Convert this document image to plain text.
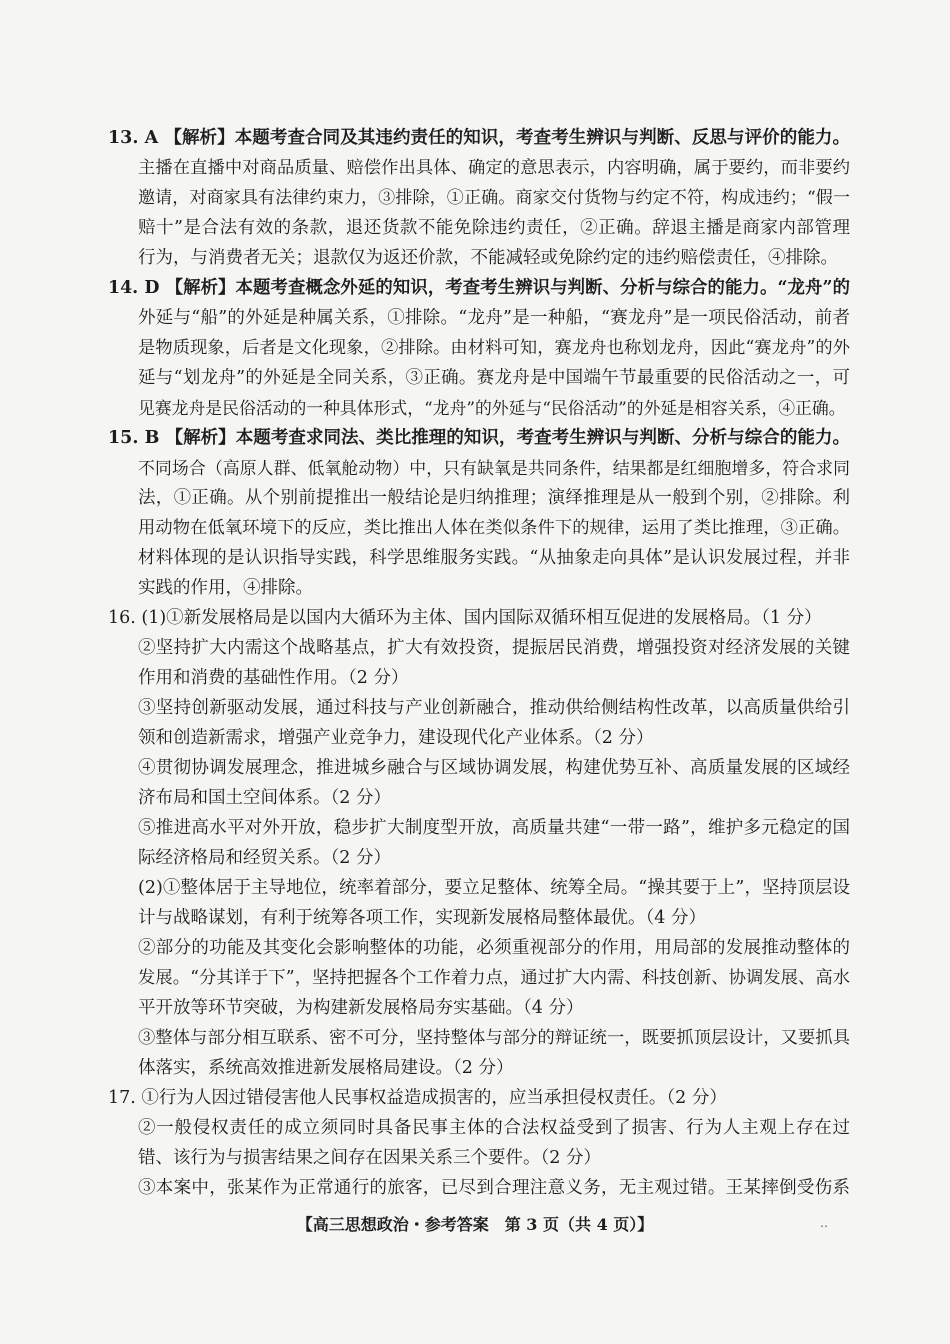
13. A 【解析】本题考查合同及其违约责任的知识，考查考生辨识与判断、反思与评价的能力。
主播在直播中对商品质量、赔偿作出具体、确定的意思表示，内容明确，属于要约，而非要约
邀请，对商家具有法律约束力，③排除，①正确。商家交付货物与约定不符，构成违约；“假一
赔十”是合法有效的条款，退还货款不能免除违约责任，②正确。辞退主播是商家内部管理
行为，与消费者无关；退款仅为返还价款，不能减轻或免除约定的违约赔偿责任，④排除。
14. D 【解析】本题考查概念外延的知识，考查考生辨识与判断、分析与综合的能力。“龙舟”的
外延与“船”的外延是种属关系，①排除。“龙舟”是一种船，“赛龙舟”是一项民俗活动，前者
是物质现象，后者是文化现象，②排除。由材料可知，赛龙舟也称划龙舟，因此“赛龙舟”的外
延与“划龙舟”的外延是全同关系，③正确。赛龙舟是中国端午节最重要的民俗活动之一，可
见赛龙舟是民俗活动的一种具体形式，“龙舟”的外延与“民俗活动”的外延是相容关系，④正确。
15. B 【解析】本题考查求同法、类比推理的知识，考查考生辨识与判断、分析与综合的能力。
不同场合（高原人群、低氧舱动物）中，只有缺氧是共同条件，结果都是红细胞增多，符合求同
法，①正确。从个别前提推出一般结论是归纳推理；演绎推理是从一般到个别，②排除。利
用动物在低氧环境下的反应，类比推出人体在类似条件下的规律，运用了类比推理，③正确。
材料体现的是认识指导实践，科学思维服务实践。“从抽象走向具体”是认识发展过程，并非
实践的作用，④排除。
16. (1)①新发展格局是以国内大循环为主体、国内国际双循环相互促进的发展格局。（1 分）
②坚持扩大内需这个战略基点，扩大有效投资，提振居民消费，增强投资对经济发展的关键
作用和消费的基础性作用。（2 分）
③坚持创新驱动发展，通过科技与产业创新融合，推动供给侧结构性改革，以高质量供给引
领和创造新需求，增强产业竞争力，建设现代化产业体系。（2 分）
④贯彻协调发展理念，推进城乡融合与区域协调发展，构建优势互补、高质量发展的区域经
济布局和国土空间体系。（2 分）
⑤推进高水平对外开放，稳步扩大制度型开放，高质量共建“一带一路”，维护多元稳定的国
际经济格局和经贸关系。（2 分）
(2)①整体居于主导地位，统率着部分，要立足整体、统筹全局。“操其要于上”，坚持顶层设
计与战略谋划，有利于统筹各项工作，实现新发展格局整体最优。（4 分）
②部分的功能及其变化会影响整体的功能，必须重视部分的作用，用局部的发展推动整体的
发展。“分其详于下”，坚持把握各个工作着力点，通过扩大内需、科技创新、协调发展、高水
平开放等环节突破，为构建新发展格局夯实基础。（4 分）
③整体与部分相互联系、密不可分，坚持整体与部分的辩证统一，既要抓顶层设计，又要抓具
体落实，系统高效推进新发展格局建设。（2 分）
17. ①行为人因过错侵害他人民事权益造成损害的，应当承担侵权责任。（2 分）
②一般侵权责任的成立须同时具备民事主体的合法权益受到了损害、行为人主观上存在过
错、该行为与损害结果之间存在因果关系三个要件。（2 分）
③本案中，张某作为正常通行的旅客，已尽到合理注意义务，无主观过错。王某摔倒受伤系
【高三思想政治・参考答案　第 3 页（共 4 页）】	‥
